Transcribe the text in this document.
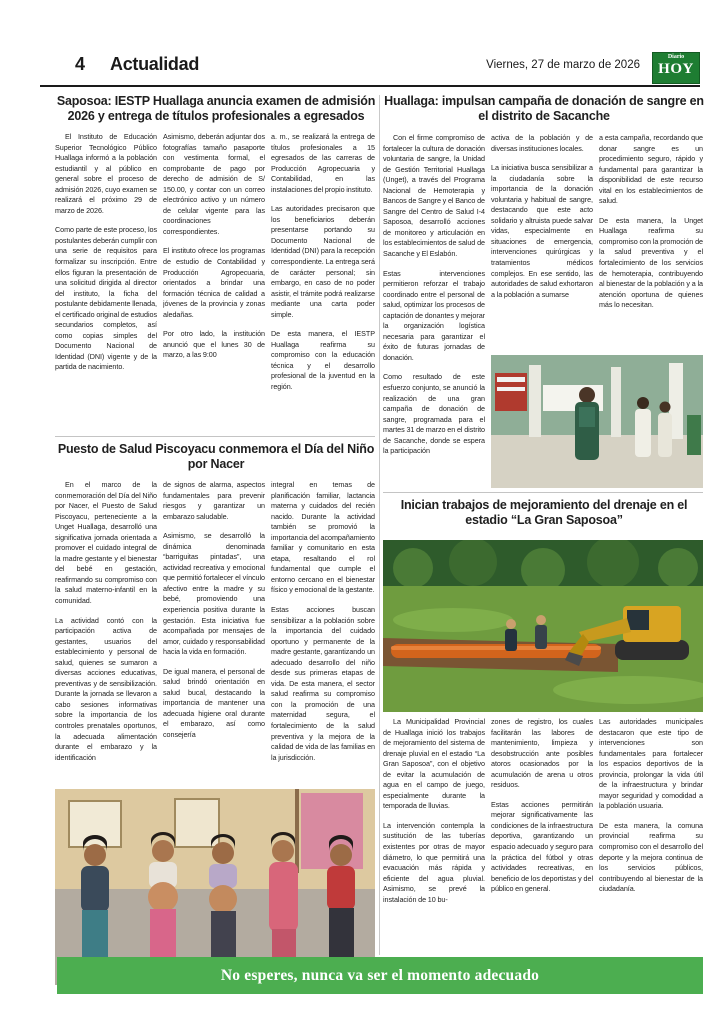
4 Actualidad	Viernes, 27 de marzo de 2026
Diario
HOY
Saposoa: IESTP Huallaga anuncia examen de admisión 2026 y entrega de títulos profesionales a egresados

El Instituto de Educación Superior Tecnológico Público Huallaga informó a la población estudiantil y al público en general sobre el proceso de admisión 2026, cuyo examen se realizará el próximo 29 de marzo de 2026.

Como parte de este proceso, los postulantes deberán cumplir con una serie de requisitos para formalizar su inscripción. Entre ellos figuran la presentación de una solicitud dirigida al director del instituto, la ficha del postulante debidamente llenada, el certificado original de estudios secundarios completos, así como copias simples del Documento Nacional de Identidad (DNI) vigente y de la partida de nacimiento.

Asimismo, deberán adjuntar dos fotografías tamaño pasaporte con vestimenta formal, el comprobante de pago por derecho de admisión de S/ 150.00, y contar con un correo electrónico activo y un número de celular vigente para las coordinaciones correspondientes.

El instituto ofrece los programas de estudio de Contabilidad y Producción Agropecuaria, orientados a brindar una formación técnica de calidad a jóvenes de la provincia y zonas aledañas.

Por otro lado, la institución anunció que el lunes 30 de marzo, a las 9:00

a. m., se realizará la entrega de títulos profesionales a 15 egresados de las carreras de Producción Agropecuaria y Contabilidad, en las instalaciones del propio instituto.

Las autoridades precisaron que los beneficiarios deberán presentarse portando su Documento Nacional de Identidad (DNI) para la recepción correspondiente. La entrega será de carácter personal; sin embargo, en caso de no poder asistir, el trámite podrá realizarse mediante una carta poder simple.

De esta manera, el IESTP Huallaga reafirma su compromiso con la educación técnica y el desarrollo profesional de la juventud en la región.

Huallaga: impulsan campaña de donación de sangre en el distrito de Sacanche

Con el firme compromiso de fortalecer la cultura de donación voluntaria de sangre, la Unidad de Gestión Territorial Huallaga (Unget), a través del Programa Nacional de Hemoterapia y Bancos de Sangre y el Banco de Sangre del Centro de Salud I-4 Saposoa, desarrolló acciones de monitoreo y articulación en los establecimientos de salud de Sacanche y El Eslabón.

Estas intervenciones permitieron reforzar el trabajo coordinado entre el personal de salud, optimizar los procesos de captación de donantes y mejorar la organización logística necesaria para garantizar el éxito de futuras jornadas de donación.

Como resultado de este esfuerzo conjunto, se anunció la realización de una gran campaña de donación de sangre, programada para el martes 31 de marzo en el distrito de Sacanche, donde se espera la participación

activa de la población y de diversas instituciones locales.

La iniciativa busca sensibilizar a la ciudadanía sobre la importancia de la donación voluntaria y habitual de sangre, destacando que este acto solidario y altruista puede salvar vidas, especialmente en situaciones de emergencia, intervenciones quirúrgicas y tratamientos médicos complejos. En ese sentido, las autoridades de salud exhortaron a la población a sumarse

a esta campaña, recordando que donar sangre es un procedimiento seguro, rápido y fundamental para garantizar la disponibilidad de este recurso vital en los establecimientos de salud.

De esta manera, la Unget Huallaga reafirma su compromiso con la promoción de la salud preventiva y el fortalecimiento de los servicios de hemoterapia, contribuyendo al bienestar de la población y a la atención oportuna de quienes más lo necesitan.

Puesto de Salud Piscoyacu conmemora el Día del Niño por Nacer

En el marco de la conmemoración del Día del Niño por Nacer, el Puesto de Salud Piscoyacu, perteneciente a la Unget Huallaga, desarrolló una significativa jornada orientada a promover el cuidado integral de la madre gestante y el bienestar del bebé en gestación, reafirmando su compromiso con la salud materno-infantil en la comunidad.

La actividad contó con la participación activa de gestantes, usuarios del establecimiento y personal de salud, quienes se sumaron a diversas acciones educativas, preventivas y de sensibilización. Durante la jornada se llevaron a cabo sesiones informativas sobre la importancia de los controles prenatales oportunos, la adecuada alimentación durante el embarazo y la identificación

de signos de alarma, aspectos fundamentales para prevenir riesgos y garantizar un embarazo saludable.

Asimismo, se desarrolló la dinámica denominada “barriguitas pintadas”, una actividad recreativa y emocional que permitió fortalecer el vínculo afectivo entre la madre y su bebé, promoviendo una experiencia positiva durante la gestación. Esta iniciativa fue acompañada por mensajes de amor, cuidado y responsabilidad hacia la vida en formación.

De igual manera, el personal de salud brindó orientación en salud bucal, destacando la importancia de mantener una adecuada higiene oral durante el embarazo, así como consejería

integral en temas de planificación familiar, lactancia materna y cuidados del recién nacido. Durante la actividad también se promovió la importancia del acompañamiento familiar y comunitario en esta etapa, resaltando el rol fundamental que cumple el entorno cercano en el bienestar físico y emocional de la gestante.

Estas acciones buscan sensibilizar a la población sobre la importancia del cuidado oportuno y permanente de la madre gestante, garantizando un adecuado desarrollo del niño desde sus primeras etapas de vida. De esta manera, el sector salud reafirma su compromiso con la promoción de una maternidad segura, el fortalecimiento de la salud preventiva y la mejora de la calidad de vida de las familias en la jurisdicción.

Inician trabajos de mejoramiento del drenaje en el estadio “La Gran Saposoa”

La Municipalidad Provincial de Huallaga inició los trabajos de mejoramiento del sistema de drenaje pluvial en el estadio “La Gran Saposoa”, con el objetivo de evitar la acumulación de agua en el campo de juego, especialmente durante la temporada de lluvias.

La intervención contempla la sustitución de las tuberías existentes por otras de mayor diámetro, lo que permitirá una evacuación más rápida y eficiente del agua pluvial. Asimismo, se prevé la instalación de 10 bu-

zones de registro, los cuales facilitarán las labores de mantenimiento, limpieza y desobstrucción ante posibles atoros ocasionados por la acumulación de arena u otros residuos.

Estas acciones permitirán mejorar significativamente las condiciones de la infraestructura deportiva, garantizando un espacio adecuado y seguro para la práctica del fútbol y otras actividades recreativas, en beneficio de los deportistas y del público en general.

Las autoridades municipales destacaron que este tipo de intervenciones son fundamentales para fortalecer los espacios deportivos de la provincia, prolongar la vida útil de la infraestructura y brindar mayor seguridad y comodidad a la población usuaria.

De esta manera, la comuna provincial reafirma su compromiso con el desarrollo del deporte y la mejora continua de los servicios públicos, contribuyendo al bienestar de la ciudadanía.

No esperes, nunca va ser el momento adecuado
